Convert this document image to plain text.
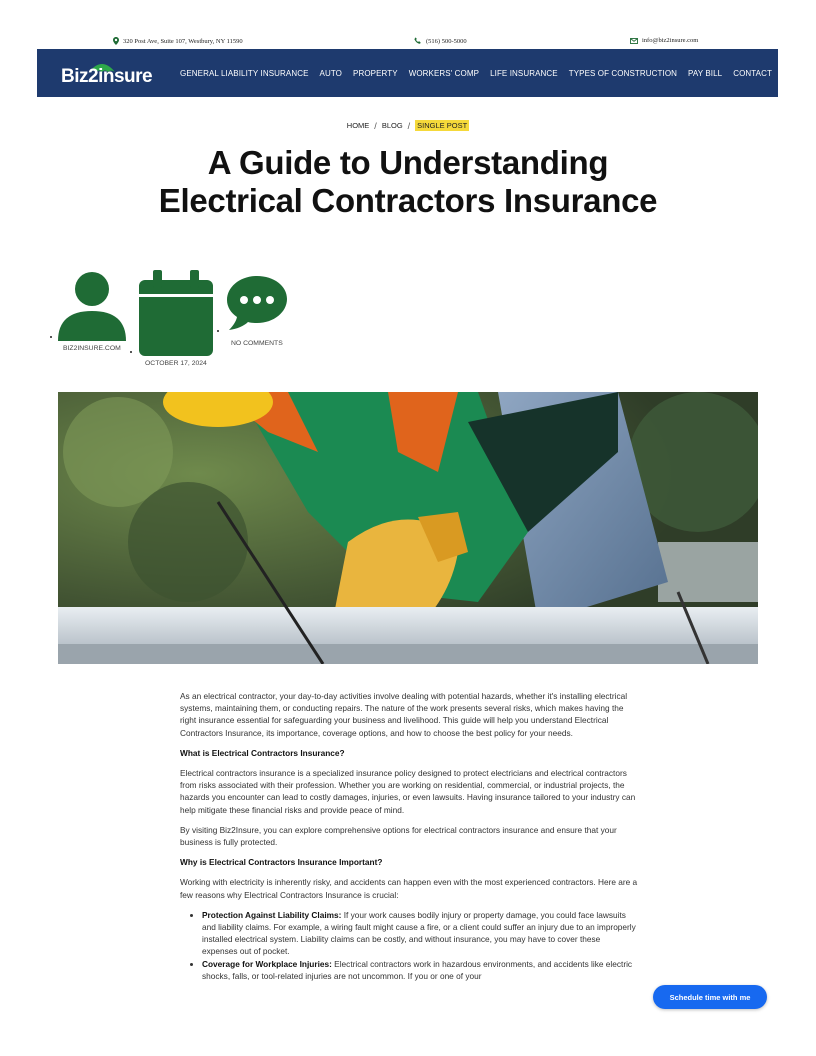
320 Post Ave, Suite 107, Westbury, NY 11590	(516) 500-5000	info@biz2insure.com
Biz2insure	GENERAL LIABILITY INSURANCE AUTO PROPERTY WORKERS' COMP LIFE INSURANCE TYPES OF CONSTRUCTION PAY BILL CONTACT
HOME / BLOG / SINGLE POST
A Guide to Understanding Electrical Contractors Insurance
BIZ2INSURE.COM
OCTOBER 17, 2024
NO COMMENTS

As an electrical contractor, your day-to-day activities involve dealing with potential hazards, whether it's installing electrical systems, maintaining them, or conducting repairs. The nature of the work presents several risks, which makes having the right insurance essential for safeguarding your business and livelihood. This guide will help you understand Electrical Contractors Insurance, its importance, coverage options, and how to choose the best policy for your needs.

What is Electrical Contractors Insurance?

Electrical contractors insurance is a specialized insurance policy designed to protect electricians and electrical contractors from risks associated with their profession. Whether you are working on residential, commercial, or industrial projects, the hazards you encounter can lead to costly damages, injuries, or even lawsuits. Having insurance tailored to your industry can help mitigate these financial risks and provide peace of mind.

By visiting Biz2Insure, you can explore comprehensive options for electrical contractors insurance and ensure that your business is fully protected.

Why is Electrical Contractors Insurance Important?

Working with electricity is inherently risky, and accidents can happen even with the most experienced contractors. Here are a few reasons why Electrical Contractors Insurance is crucial:

• Protection Against Liability Claims: If your work causes bodily injury or property damage, you could face lawsuits and liability claims. For example, a wiring fault might cause a fire, or a client could suffer an injury due to an improperly installed electrical system. Liability claims can be costly, and without insurance, you may have to cover these expenses out of pocket.
• Coverage for Workplace Injuries: Electrical contractors work in hazardous environments, and accidents like electric shocks, falls, or tool-related injuries are not uncommon. If you or one of your
Schedule time with me
